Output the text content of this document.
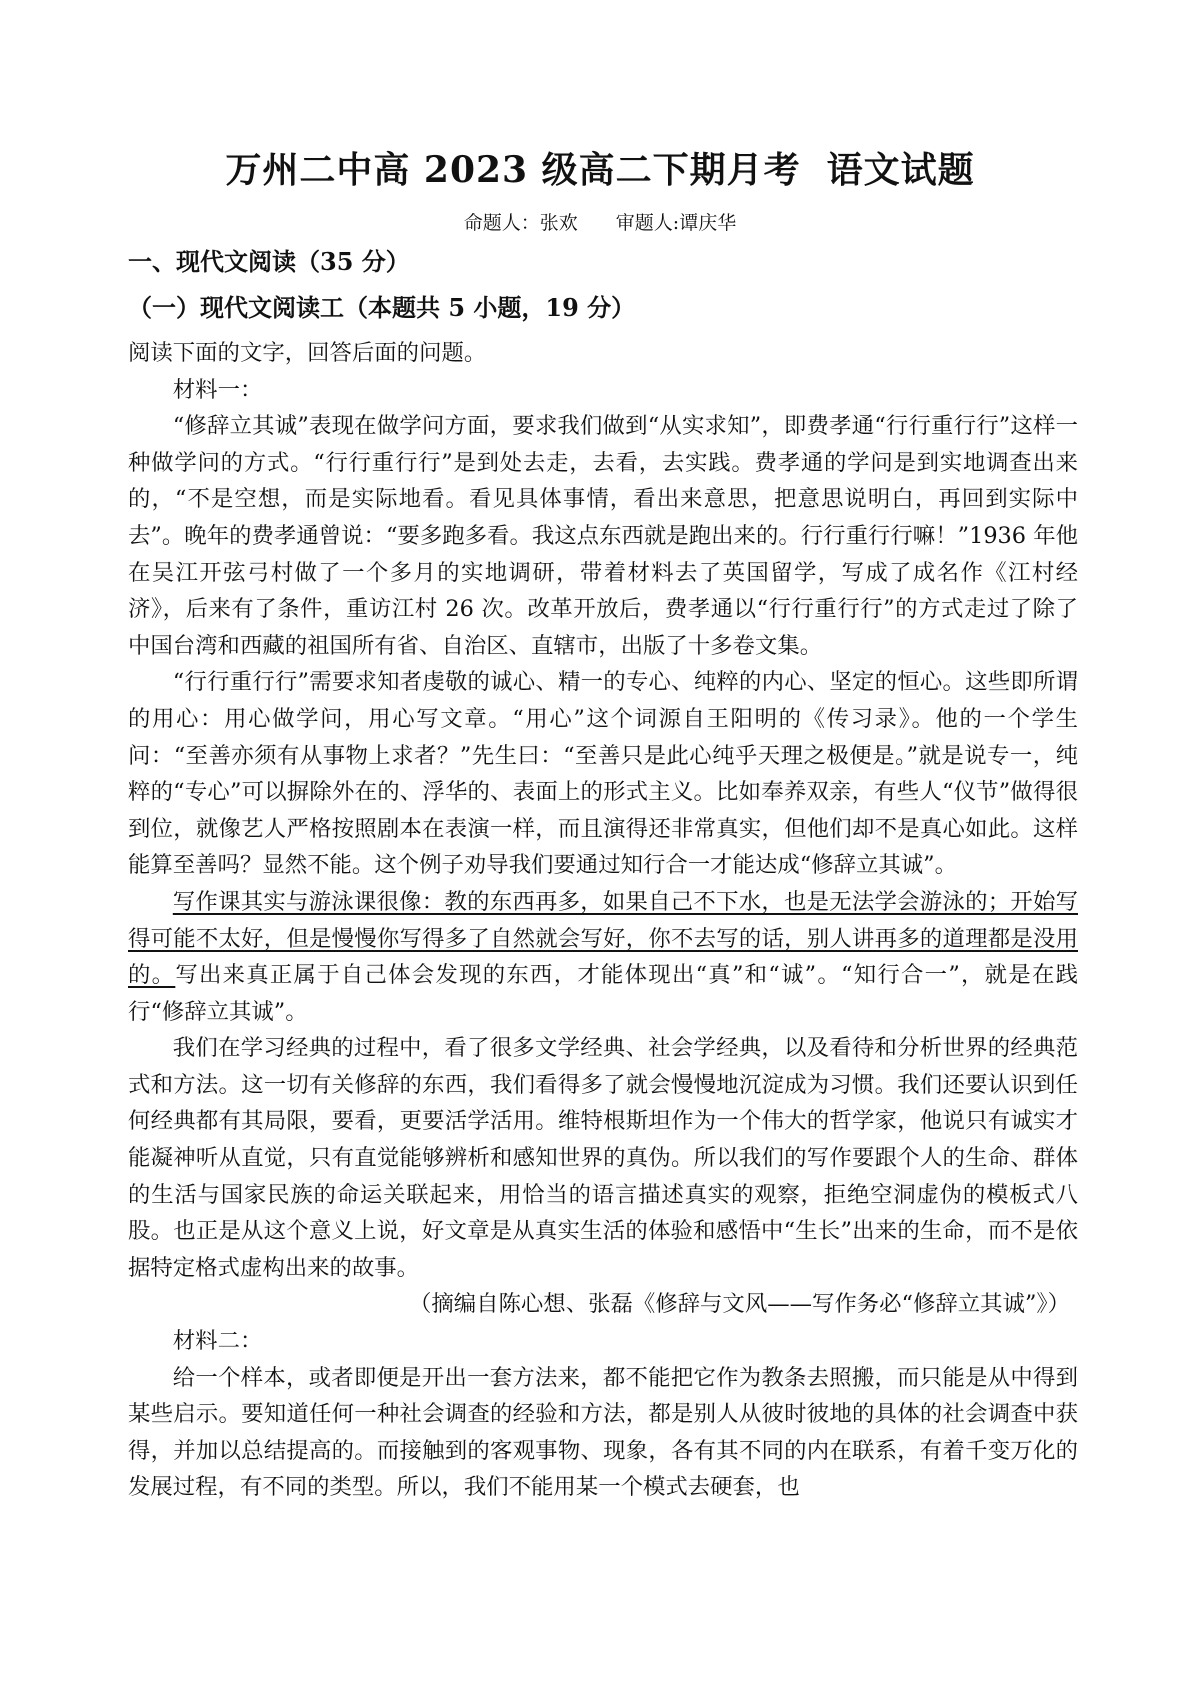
万州二中高 2023 级高二下期月考 语文试题
命题人：张欢 审题人:谭庆华
一、现代文阅读（35 分）
（一）现代文阅读工（本题共 5 小题，19 分）

阅读下面的文字，回答后面的问题。

材料一：

“修辞立其诚”表现在做学问方面，要求我们做到“从实求知”，即费孝通“行行重行行”这样一种做学问的方式。“行行重行行”是到处去走，去看，去实践。费孝通的学问是到实地调查出来的，“不是空想，而是实际地看。看见具体事情，看出来意思，把意思说明白，再回到实际中去”。晚年的费孝通曾说：“要多跑多看。我这点东西就是跑出来的。行行重行行嘛！”1936 年他在吴江开弦弓村做了一个多月的实地调研，带着材料去了英国留学，写成了成名作《江村经济》，后来有了条件，重访江村 26 次。改革开放后，费孝通以“行行重行行”的方式走过了除了中国台湾和西藏的祖国所有省、自治区、直辖市，出版了十多卷文集。

“行行重行行”需要求知者虔敬的诚心、精一的专心、纯粹的内心、坚定的恒心。这些即所谓的用心：用心做学问，用心写文章。“用心”这个词源自王阳明的《传习录》。他的一个学生问：“至善亦须有从事物上求者？”先生曰：“至善只是此心纯乎天理之极便是。”就是说专一，纯粹的“专心”可以摒除外在的、浮华的、表面上的形式主义。比如奉养双亲，有些人“仪节”做得很到位，就像艺人严格按照剧本在表演一样，而且演得还非常真实，但他们却不是真心如此。这样能算至善吗？显然不能。这个例子劝导我们要通过知行合一才能达成“修辞立其诚”。

写作课其实与游泳课很像：教的东西再多，如果自己不下水，也是无法学会游泳的；开始写得可能不太好，但是慢慢你写得多了自然就会写好，你不去写的话，别人讲再多的道理都是没用的。写出来真正属于自己体会发现的东西，才能体现出“真”和“诚”。“知行合一”，就是在践行“修辞立其诚”。

我们在学习经典的过程中，看了很多文学经典、社会学经典，以及看待和分析世界的经典范式和方法。这一切有关修辞的东西，我们看得多了就会慢慢地沉淀成为习惯。我们还要认识到任何经典都有其局限，要看，更要活学活用。维特根斯坦作为一个伟大的哲学家，他说只有诚实才能凝神听从直觉，只有直觉能够辨析和感知世界的真伪。所以我们的写作要跟个人的生命、群体的生活与国家民族的命运关联起来，用恰当的语言描述真实的观察，拒绝空洞虚伪的模板式八股。也正是从这个意义上说，好文章是从真实生活的体验和感悟中“生长”出来的生命，而不是依据特定格式虚构出来的故事。

（摘编自陈心想、张磊《修辞与文风——写作务必“修辞立其诚”》）

材料二：

给一个样本，或者即便是开出一套方法来，都不能把它作为教条去照搬，而只能是从中得到某些启示。要知道任何一种社会调查的经验和方法，都是别人从彼时彼地的具体的社会调查中获得，并加以总结提高的。而接触到的客观事物、现象，各有其不同的内在联系，有着千变万化的发展过程，有不同的类型。所以，我们不能用某一个模式去硬套，也
